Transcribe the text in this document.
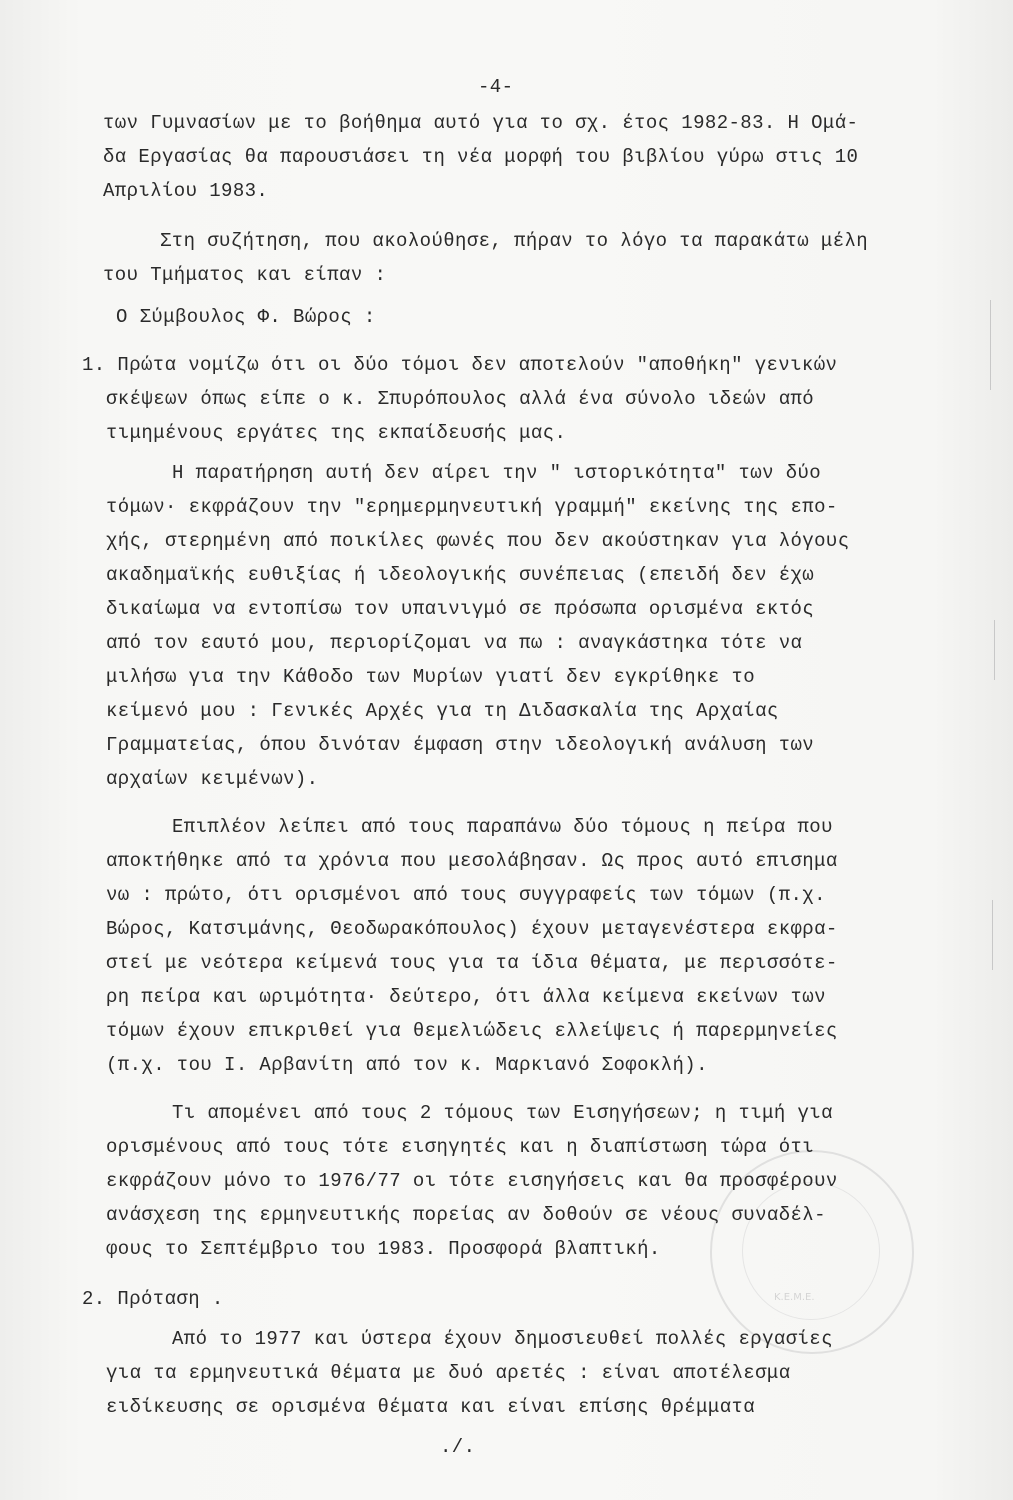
K.E.M.E.
-4-
των Γυμνασίων με το βοήθημα αυτό για το σχ. έτος 1982-83. Η Ομά-
δα Εργασίας θα παρουσιάσει τη νέα μορφή του βιβλίου γύρω στις 10
Απριλίου 1983.
Στη συζήτηση, που ακολούθησε, πήραν το λόγο τα παρακάτω μέλη
του Τμήματος και είπαν :
Ο Σύμβουλος Φ. Βώρος :
1. Πρώτα νομίζω ότι οι δύο τόμοι δεν αποτελούν "αποθήκη" γενικών
σκέψεων όπως είπε ο κ. Σπυρόπουλος αλλά ένα σύνολο ιδεών από
τιμημένους εργάτες της εκπαίδευσής μας.
Η παρατήρηση αυτή δεν αίρει την " ιστορικότητα" των δύο
τόμων· εκφράζουν την "ερημερμηνευτική γραμμή" εκείνης της επο-
χής, στερημένη από ποικίλες φωνές που δεν ακούστηκαν για λόγους
ακαδημαϊκής ευθιξίας ή ιδεολογικής συνέπειας (επειδή δεν έχω
δικαίωμα να εντοπίσω τον υπαινιγμό σε πρόσωπα ορισμένα εκτός
από τον εαυτό μου, περιορίζομαι να πω : αναγκάστηκα τότε να
μιλήσω για την Κάθοδο των Μυρίων γιατί δεν εγκρίθηκε το
κείμενό μου : Γενικές Αρχές για τη Διδασκαλία της Αρχαίας
Γραμματείας, όπου δινόταν έμφαση στην ιδεολογική ανάλυση των
αρχαίων κειμένων).
Επιπλέον λείπει από τους παραπάνω δύο τόμους η πείρα που
αποκτήθηκε από τα χρόνια που μεσολάβησαν. Ως προς αυτό επισημα
νω : πρώτο, ότι ορισμένοι από τους συγγραφείς των τόμων (π.χ.
Βώρος, Κατσιμάνης, Θεοδωρακόπουλος) έχουν μεταγενέστερα εκφρα-
στεί με νεότερα κείμενά τους για τα ίδια θέματα, με περισσότε-
ρη πείρα και ωριμότητα· δεύτερο, ότι άλλα κείμενα εκείνων των
τόμων έχουν επικριθεί για θεμελιώδεις ελλείψεις ή παρερμηνείες
(π.χ. του Ι. Αρβανίτη από τον κ. Μαρκιανό Σοφοκλή).
Τι απομένει από τους 2 τόμους των Εισηγήσεων; η τιμή για
ορισμένους από τους τότε εισηγητές και η διαπίστωση τώρα ότι
εκφράζουν μόνο το 1976/77 οι τότε εισηγήσεις και θα προσφέρουν
ανάσχεση της ερμηνευτικής πορείας αν δοθούν σε νέους συναδέλ-
φους το Σεπτέμβριο του 1983. Προσφορά βλαπτική.
2. Πρόταση .
Από το 1977 και ύστερα έχουν δημοσιευθεί πολλές εργασίες
για τα ερμηνευτικά θέματα με δυό αρετές : είναι αποτέλεσμα
ειδίκευσης σε ορισμένα θέματα και είναι επίσης θρέμματα
./.
